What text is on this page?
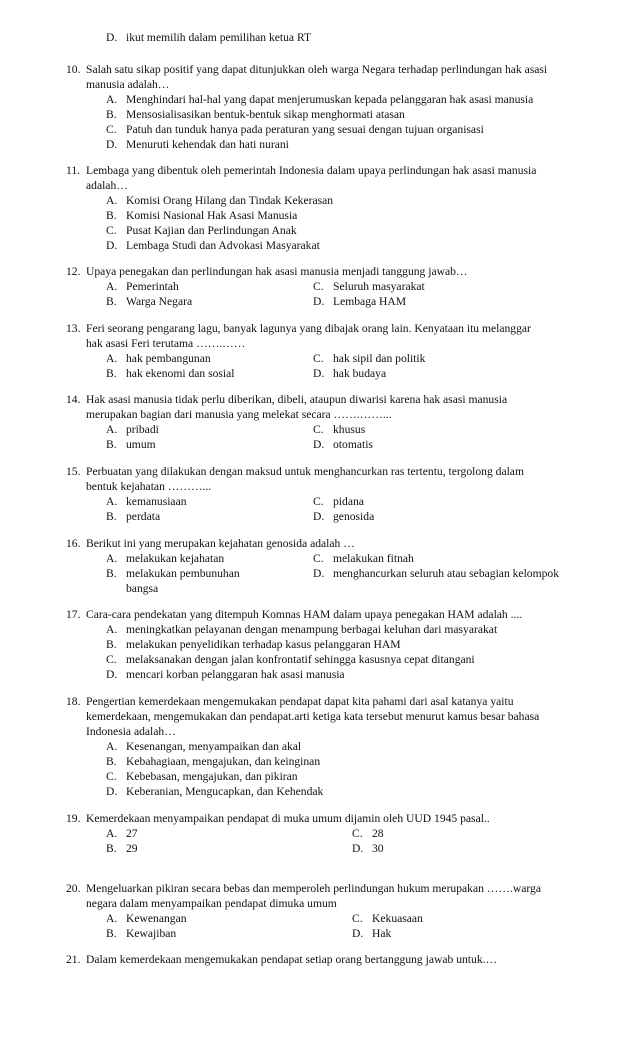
D. ikut memilih dalam pemilihan ketua RT
10. Salah satu sikap positif yang dapat ditunjukkan oleh warga Negara terhadap perlindungan hak asasi
manusia adalah…
A. Menghindari hal-hal yang dapat menjerumuskan kepada pelanggaran hak asasi manusia
B. Mensosialisasikan bentuk-bentuk sikap menghormati atasan
C. Patuh dan tunduk hanya pada peraturan yang sesuai dengan tujuan organisasi
D. Menuruti kehendak dan hati nurani
11. Lembaga yang dibentuk oleh pemerintah Indonesia dalam upaya perlindungan hak asasi manusia
adalah…
A. Komisi Orang Hilang dan Tindak Kekerasan
B. Komisi Nasional Hak Asasi Manusia
C. Pusat Kajian dan Perlindungan Anak
D. Lembaga Studi dan Advokasi Masyarakat
12. Upaya penegakan dan perlindungan hak asasi manusia menjadi tanggung jawab…
A. Pemerintah	C. Seluruh masyarakat
B. Warga Negara	D. Lembaga HAM
13. Feri seorang pengarang lagu, banyak lagunya yang dibajak orang lain. Kenyataan itu melanggar
hak asasi Feri terutama …….……
A. hak pembangunan	C. hak sipil dan politik
B. hak ekenomi dan sosial	D. hak budaya
14. Hak asasi manusia tidak perlu diberikan, dibeli, ataupun diwarisi karena hak asasi manusia
merupakan bagian dari manusia yang melekat secara …….……...
A. pribadi	C. khusus
B. umum	D. otomatis
15. Perbuatan yang dilakukan dengan maksud untuk menghancurkan ras tertentu, tergolong dalam
bentuk kejahatan ………...
A. kemanusiaan	C. pidana
B. perdata	D. genosida
16. Berikut ini yang merupakan kejahatan genosida adalah …
A. melakukan kejahatan	C. melakukan fitnah
B. melakukan pembunuhan	D. menghancurkan seluruh atau sebagian kelompok
bangsa
17. Cara-cara pendekatan yang ditempuh Komnas HAM dalam upaya penegakan HAM adalah ....
A. meningkatkan pelayanan dengan menampung berbagai keluhan dari masyarakat
B. melakukan penyelidikan terhadap kasus pelanggaran HAM
C. melaksanakan dengan jalan konfrontatif sehingga kasusnya cepat ditangani
D. mencari korban pelanggaran hak asasi manusia
18. Pengertian kemerdekaan mengemukakan pendapat dapat kita pahami dari asal katanya yaitu
kemerdekaan, mengemukakan dan pendapat.arti ketiga kata tersebut menurut kamus besar bahasa
Indonesia adalah…
A. Kesenangan, menyampaikan dan akal
B. Kebahagiaan, mengajukan, dan keinginan
C. Kebebasan, mengajukan, dan pikiran
D. Keberanian, Mengucapkan, dan Kehendak
19. Kemerdekaan menyampaikan pendapat di muka umum dijamin oleh UUD 1945 pasal..
A. 27	C. 28
B. 29	D. 30
20. Mengeluarkan pikiran secara bebas dan memperoleh perlindungan hukum merupakan …….warga
negara dalam menyampaikan pendapat dimuka umum
A. Kewenangan	C. Kekuasaan
B. Kewajiban	D. Hak
21. Dalam kemerdekaan mengemukakan pendapat setiap orang bertanggung jawab untuk.…
